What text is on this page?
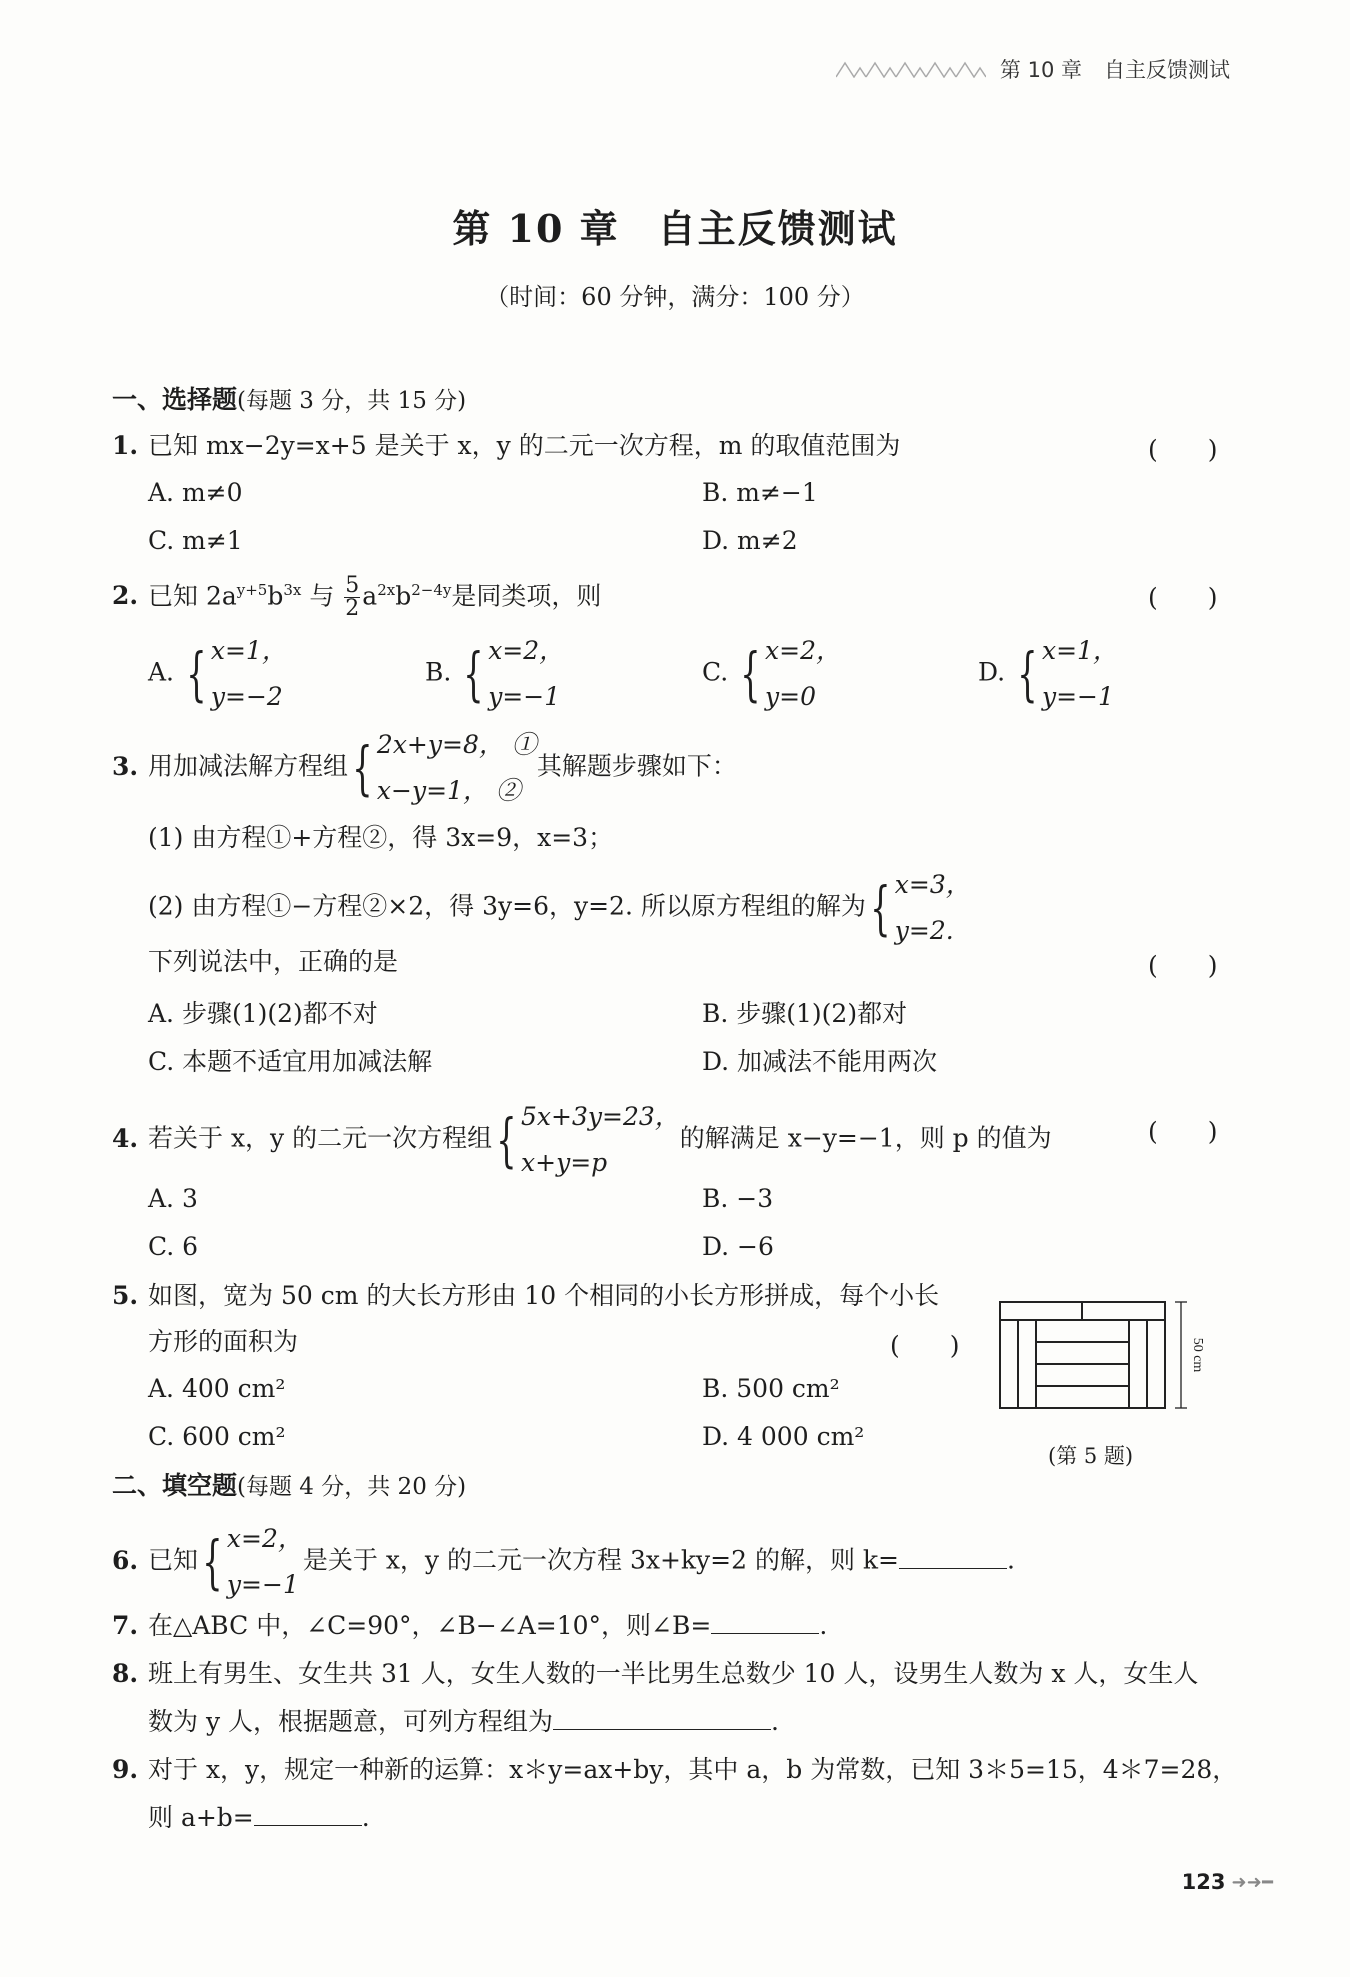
第 10 章 自主反馈测试
第 10 章 自主反馈测试
（时间：60 分钟，满分：100 分）
一、选择题(每题 3 分，共 15 分)
1. 已知 mx−2y=x+5 是关于 x，y 的二元一次方程，m 的取值范围为	(　　)
A. m≠0	B. m≠−1
C. m≠1	D. m≠2
2. 已知 $2a^{y+5}b^{3x}$ 与 $\frac{5}{2} a^{2x}b^{2-4y}$是同类项，则	(　　)
A. { x=1，
y=−2
B. { x=2，
y=−1
C. { x=2，
y=0
D. { x=1，
y=−1
3. 用加减法解方程组 { 2x+y=8， ①
x−y=1， ②
其解题步骤如下：
(1) 由方程①+方程②，得 3x=9，x=3；
(2) 由方程①−方程②×2，得 3y=6，y=2. 所以原方程组的解为 { x=3，
y=2.
下列说法中，正确的是	(　　)
A. 步骤(1)(2)都不对	B. 步骤(1)(2)都对
C. 本题不适宜用加减法解	D. 加减法不能用两次
4. 若关于 x，y 的二元一次方程组 { 5x+3y=23，
x+y=p
的解满足 x−y=−1，则 p 的值为	(　　)
A. 3	B. −3
C. 6	D. −6
5. 如图，宽为 50 cm 的大长方形由 10 个相同的小长方形拼成，每个小长
方形的面积为	(　　)
A. 400 cm²	B. 500 cm²
C. 600 cm²	D. 4 000 cm²
50 cm
(第 5 题)
二、填空题(每题 4 分，共 20 分)
6. 已知 { x=2，
y=−1
是关于 x，y 的二元一次方程 3x+ky=2 的解，则 k=	.
7. 在△ABC 中，∠C=90°，∠B−∠A=10°，则∠B=	.
8. 班上有男生、女生共 31 人，女生人数的一半比男生总数少 10 人，设男生人数为 x 人，女生人
数为 y 人，根据题意，可列方程组为	.
9. 对于 x，y，规定一种新的运算：x＊y=ax+by，其中 a，b 为常数，已知 3＊5=15，4＊7=28，
则 a+b=	.
123 ➜ ➜ ━
